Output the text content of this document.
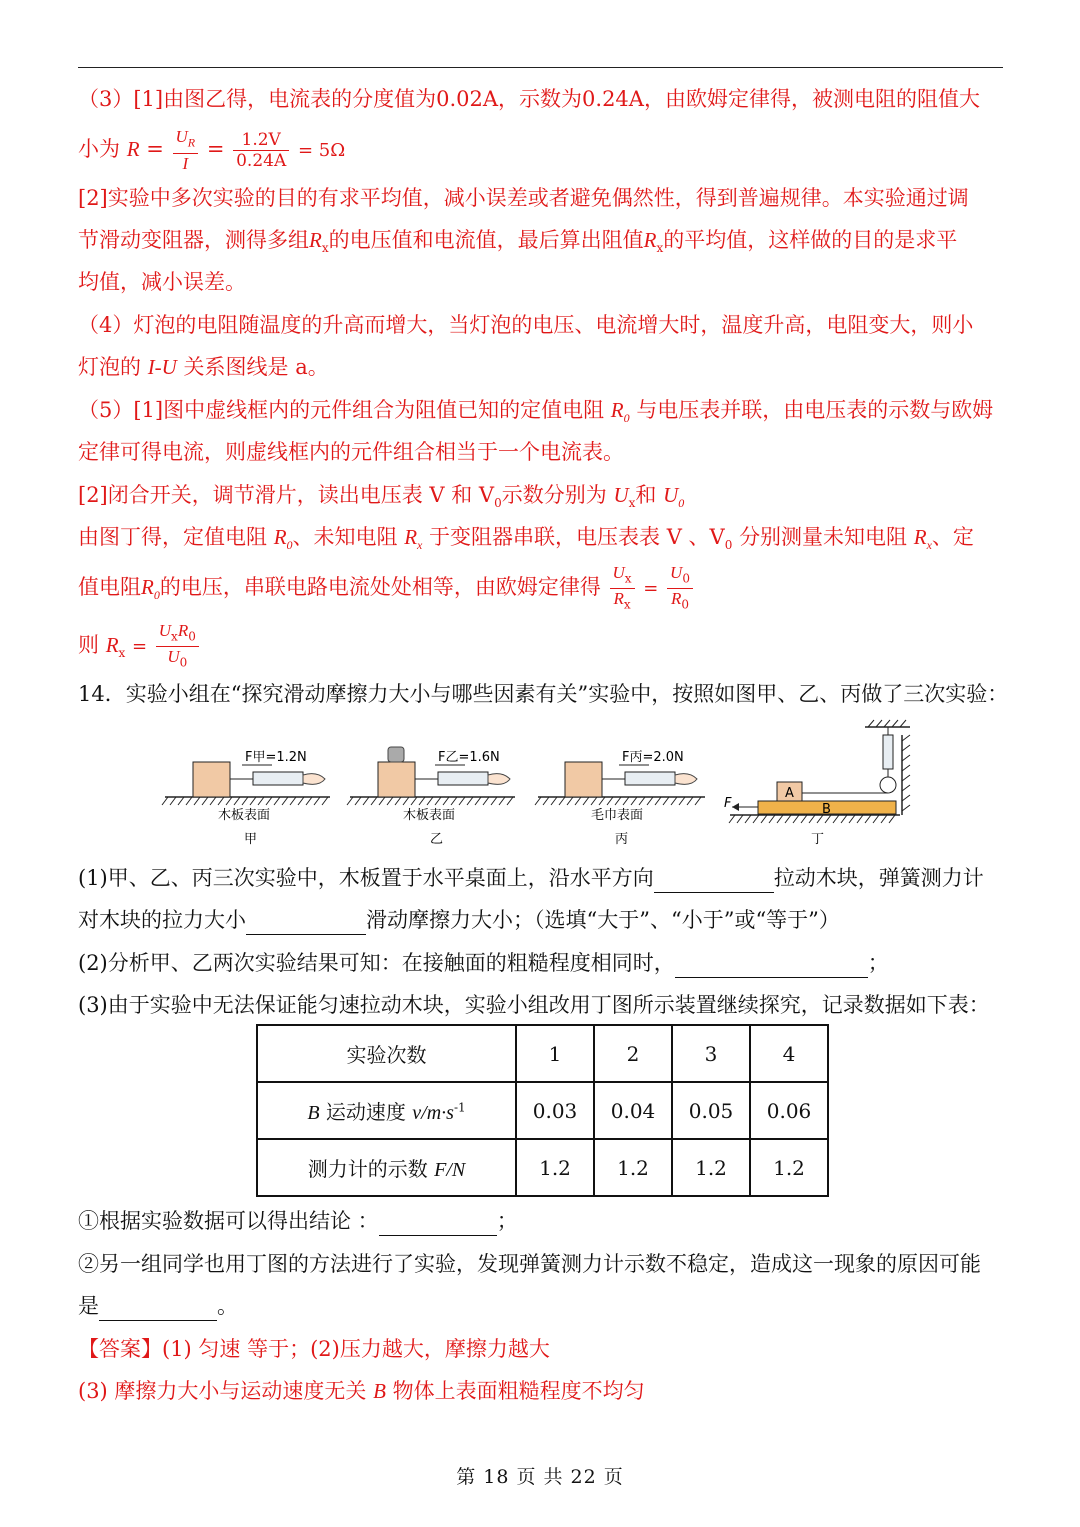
（3）[1]由图乙得，电流表的分度值为0.02A，示数为0.24A，由欧姆定律得，被测电阻的阻值大
小为 $R = \frac{U_R}{I} = \frac{1.2V}{0.24A} = 5\Omega$
[2]实验中多次实验的目的有求平均值，减小误差或者避免偶然性，得到普遍规律。本实验通过调
节滑动变阻器，测得多组$R_x$的电压值和电流值，最后算出阻值$R_x$的平均值，这样做的目的是求平
均值，减小误差。
（4）灯泡的电阻随温度的升高而增大，当灯泡的电压、电流增大时，温度升高，电阻变大，则小
灯泡的 I-U 关系图线是 a。
（5）[1]图中虚线框内的元件组合为阻值已知的定值电阻 $R_0$ 与电压表并联，由电压表的示数与欧姆
定律可得电流，则虚线框内的元件组合相当于一个电流表。
[2]闭合开关，调节滑片，读出电压表 V 和 $V_0$示数分别为 $U_x$和 $U_0$
由图丁得，定值电阻 $R_0$、未知电阻 $R_x$ 于变阻器串联，电压表表 V 、$V_0$ 分别测量未知电阻 $R_x$、定
值电阻$R_0$的电压，串联电路电流处处相等，由欧姆定律得 $\frac{U_x}{R_x} = \frac{U_0}{R_0}$
则 $R_x = \frac{U_xR_0}{U_0}$
14．实验小组在“探究滑动摩擦力大小与哪些因素有关”实验中，按照如图甲、乙、丙做了三次实验：
F甲=1.2N
木板表面
甲
F乙=1.6N
木板表面
乙
F丙=2.0N
毛巾表面
丙
A
B
F
丁
(1)甲、乙、丙三次实验中，木板置于水平桌面上，沿水平方向	拉动木块，弹簧测力计
对木块的拉力大小	滑动摩擦力大小；（选填“大于”、“小于”或“等于”）
(2)分析甲、乙两次实验结果可知：在接触面的粗糙程度相同时，	；
(3)由于实验中无法保证能匀速拉动木块，实验小组改用丁图所示装置继续探究，记录数据如下表：
实验次数	1	2	3	4
B 运动速度 $v/m\cdot s^{-1}$	0.03	0.04	0.05	0.06
测力计的示数 F/N	1.2	1.2	1.2	1.2
①根据实验数据可以得出结论 ：	；
②另一组同学也用丁图的方法进行了实验，发现弹簧测力计示数不稳定，造成这一现象的原因可能
是	。
【答案】(1) 匀速 等于；(2)压力越大，摩擦力越大
(3) 摩擦力大小与运动速度无关 B 物体上表面粗糙程度不均匀
第 18 页 共 22 页
